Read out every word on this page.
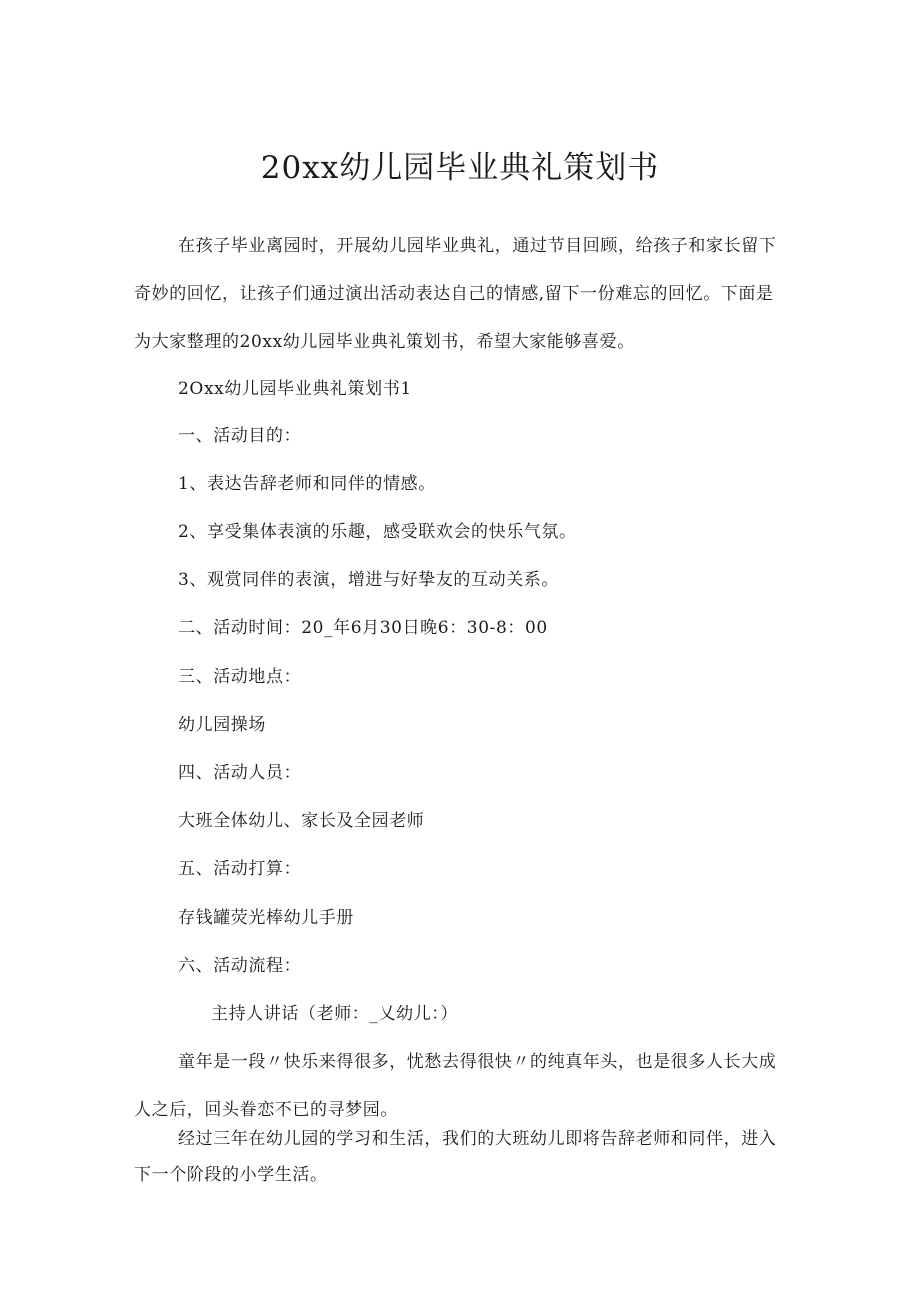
20xx幼儿园毕业典礼策划书

在孩子毕业离园时，开展幼儿园毕业典礼，通过节目回顾，给孩子和家长留下奇妙的回忆，让孩子们通过演出活动表达自己的情感,留下一份难忘的回忆。下面是为大家整理的20xx幼儿园毕业典礼策划书，希望大家能够喜爱。

2Oxx幼儿园毕业典礼策划书1

一、活动目的：

1、表达告辞老师和同伴的情感。

2、享受集体表演的乐趣，感受联欢会的快乐气氛。

3、观赏同伴的表演，增进与好挚友的互动关系。

二、活动时间：20_年6月30日晚6：30-8：00

三、活动地点：

幼儿园操场

四、活动人员：

大班全体幼儿、家长及全园老师

五、活动打算：

存钱罐荧光棒幼儿手册

六、活动流程：

主持人讲话（老师：_乂幼儿：）

童年是一段〃快乐来得很多，忧愁去得很快〃的纯真年头，也是很多人长大成人之后，回头眷恋不已的寻梦园。

经过三年在幼儿园的学习和生活，我们的大班幼儿即将告辞老师和同伴，进入下一个阶段的小学生活。
